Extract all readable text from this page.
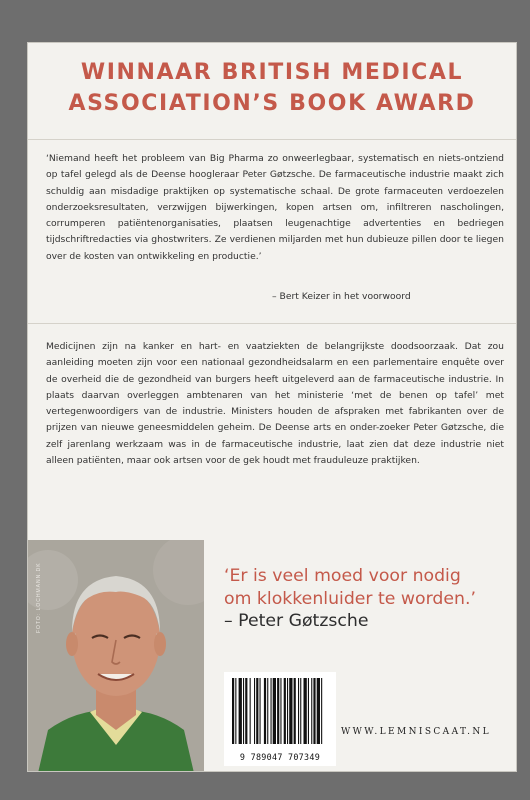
WINNAAR BRITISH MEDICAL
ASSOCIATION’S BOOK AWARD

‘Niemand heeft het probleem van Big Pharma zo onweerlegbaar, systematisch en niets-ontziend op tafel gelegd als de Deense hoogleraar Peter Gøtzsche. De farmaceutische industrie maakt zich schuldig aan misdadige praktijken op systematische schaal. De grote farmaceuten verdoezelen onderzoeksresultaten, verzwijgen bijwerkingen, kopen artsen om, infiltreren nascholingen, corrumperen patiëntenorganisaties, plaatsen leugenachtige advertenties en bedriegen tijdschriftredacties via ghostwriters. Ze verdienen miljarden met hun dubieuze pillen door te liegen over de kosten van ontwikkeling en productie.’

– Bert Keizer in het voorwoord

Medicijnen zijn na kanker en hart- en vaatziekten de belangrijkste doodsoorzaak. Dat zou aanleiding moeten zijn voor een nationaal gezondheidsalarm en een parlementaire enquête over de overheid die de gezondheid van burgers heeft uitgeleverd aan de farmaceutische industrie. In plaats daarvan overleggen ambtenaren van het ministerie ‘met de benen op tafel’ met vertegenwoordigers van de industrie. Ministers houden de afspraken met fabrikanten over de prijzen van nieuwe geneesmiddelen geheim. De Deense arts en onder-zoeker Peter Gøtzsche, die zelf jarenlang werkzaam was in de farmaceutische industrie, laat zien dat deze industrie niet alleen patiënten, maar ook artsen voor de gek houdt met frauduleuze praktijken.

FOTO: LOCHMANN.DK	‘Er is veel moed voor nodig
om klokkenluider te worden.’
– Peter Gøtzsche
9 789047 707349
WWW.LEMNISCAAT.NL
